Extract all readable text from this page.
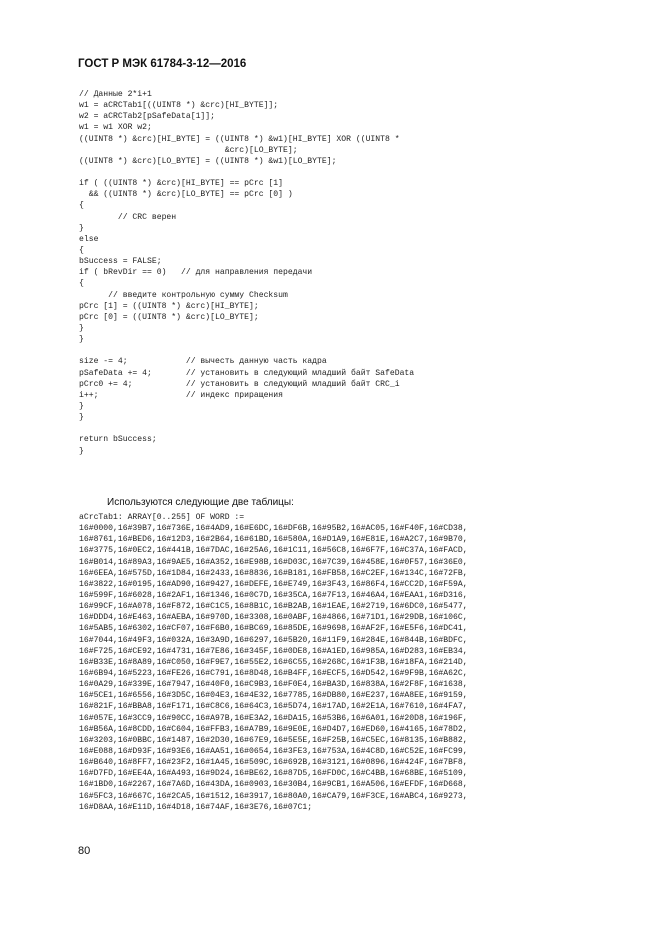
ГОСТ Р МЭК 61784-3-12—2016
// Данные 2*i+1
w1 = aCRCTab1[((UINT8 *) &crc)[HI_BYTE]];
w2 = aCRCTab2[pSafeData[1]];
w1 = w1 XOR w2;
((UINT8 *) &crc)[HI_BYTE] = ((UINT8 *) &w1)[HI_BYTE] XOR ((UINT8 *
&crc)[LO_BYTE];
((UINT8 *) &crc)[LO_BYTE] = ((UINT8 *) &w1)[LO_BYTE];
if ( ((UINT8 *) &crc)[HI_BYTE] == pCrc [1]
&& ((UINT8 *) &crc)[LO_BYTE] == pCrc [0] )
{
// CRC верен
}
else
{
bSuccess = FALSE;
if ( bRevDir == 0)   // для направления передачи
{
// введите контрольную сумму Checksum
pCrc [1] = ((UINT8 *) &crc)[HI_BYTE];
pCrc [0] = ((UINT8 *) &crc)[LO_BYTE];
}
}
size -= 4;            // вычесть данную часть кадра
pSafeData += 4;       // установить в следующий младший байт SafeData
pCrc0 += 4;           // установить в следующий младший байт CRC_i
i++;                  // индекс приращения
}
}
return bSuccess;
}
Используются следующие две таблицы:
aCrcTab1: ARRAY[0..255] OF WORD :=
16#0000,16#39B7,16#736E,16#4AD9,16#E6DC,16#DF6B,16#95B2,16#AC05,16#F40F,16#CD38,
16#8761,16#BED6,16#12D3,16#2B64,16#61BD,16#580A,16#D1A9,16#E81E,16#A2C7,16#9B70,
16#3775,16#0EC2,16#441B,16#7DAC,16#25A6,16#1C11,16#56C8,16#6F7F,16#C37A,16#FACD,
16#B014,16#89A3,16#9AE5,16#A352,16#E98B,16#D03C,16#7C39,16#458E,16#0F57,16#36E0,
16#6EEA,16#575D,16#1D84,16#2433,16#8836,16#B181,16#FB58,16#C2EF,16#134C,16#72FB,
16#3822,16#0195,16#AD90,16#9427,16#DEFE,16#E749,16#3F43,16#86F4,16#CC2D,16#F59A,
16#599F,16#6028,16#2AF1,16#1346,16#0C7D,16#35CA,16#7F13,16#46A4,16#EAA1,16#D316,
16#99CF,16#A078,16#F872,16#C1C5,16#8B1C,16#B2AB,16#1EAE,16#2719,16#6DC0,16#5477,
16#DDD4,16#E463,16#AEBA,16#970D,16#3308,16#0ABF,16#4866,16#71D1,16#29DB,16#106C,
16#5AB5,16#6302,16#CF07,16#F6B0,16#BC69,16#85DE,16#9698,16#AF2F,16#E5F6,16#DC41,
16#7044,16#49F3,16#032A,16#3A9D,16#6297,16#5B20,16#11F9,16#284E,16#844B,16#BDFC,
16#F725,16#CE92,16#4731,16#7E86,16#345F,16#0DE8,16#A1ED,16#985A,16#D283,16#EB34,
16#B33E,16#8A89,16#C050,16#F9E7,16#55E2,16#6C55,16#268C,16#1F3B,16#18FA,16#214D,
16#6B94,16#5223,16#FE26,16#C791,16#8D48,16#B4FF,16#ECF5,16#D542,16#9F9B,16#A62C,
16#0A29,16#339E,16#7947,16#40F0,16#C9B3,16#F0E4,16#BA3D,16#838A,16#2F8F,16#1638,
16#5CE1,16#6556,16#3D5C,16#04E3,16#4E32,16#7785,16#DB80,16#E237,16#A8EE,16#9159,
16#821F,16#BBA8,16#F171,16#C8C6,16#64C3,16#5D74,16#17AD,16#2E1A,16#7610,16#4FA7,
16#057E,16#3CC9,16#90CC,16#A97B,16#E3A2,16#DA15,16#53B6,16#6A01,16#20D8,16#196F,
16#B56A,16#8CDD,16#C604,16#FFB3,16#A7B9,16#9E0E,16#D4D7,16#ED60,16#4165,16#78D2,
16#3203,16#0BBC,16#1487,16#2D30,16#67E9,16#5E5E,16#F25B,16#C5EC,16#8135,16#B882,
16#E088,16#D93F,16#93E6,16#AA51,16#0654,16#3FE3,16#753A,16#4C8D,16#C52E,16#FC99,
16#B640,16#8FF7,16#23F2,16#1A45,16#509C,16#692B,16#3121,16#0896,16#424F,16#7BF8,
16#D7FD,16#EE4A,16#A493,16#9D24,16#BE62,16#87D5,16#FD0C,16#C4BB,16#68BE,16#5109,
16#1BD0,16#2267,16#7A6D,16#43DA,16#0903,16#30B4,16#9CB1,16#A506,16#EFDF,16#D668,
16#5FC3,16#667C,16#2CA5,16#1512,16#3917,16#80A0,16#CA79,16#F3CE,16#ABC4,16#9273,
16#D8AA,16#E11D,16#4D18,16#74AF,16#3E76,16#07C1;
80
